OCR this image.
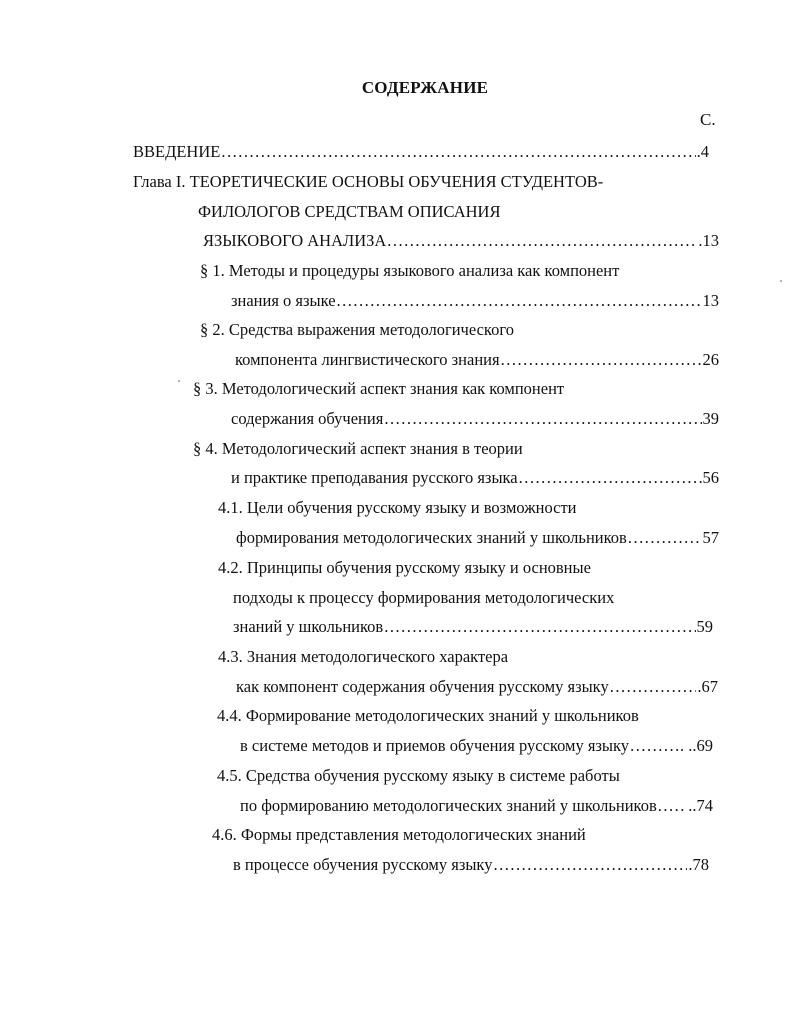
СОДЕРЖАНИЕ
С.
ВВЕДЕНИЕ .....	.4
Глава I. ТЕОРЕТИЧЕСКИЕ ОСНОВЫ ОБУЧЕНИЯ СТУДЕНТОВ-
ФИЛОЛОГОВ СРЕДСТВАМ ОПИСАНИЯ
ЯЗЫКОВОГО АНАЛИЗА .....	.13
§ 1. Методы и процедуры языкового анализа как компонент
знания о языке .....	13
§ 2. Средства выражения методологического
компонента лингвистического знания .....	26
§ 3. Методологический аспект знания как компонент
содержания обучения .....	39
§ 4. Методологический аспект знания в теории
и практике преподавания русского языка .....	56
4.1. Цели обучения русскому языку и возможности
формирования методологических знаний у школьников .....	57
4.2. Принципы обучения русскому языку и основные
подходы к процессу формирования методологических
знаний у школьников .....	59
4.3. Знания методологического характера
как компонент содержания обучения русскому языку .....	.67
4.4. Формирование методологических знаний у школьников
в системе методов и приемов обучения русскому языку .....	. ..69
4.5. Средства обучения русскому языку в системе работы
по формированию методологических знаний у школьников ..... ..74
4.6. Формы представления методологических знаний
в процессе обучения русскому языку .....	.78
